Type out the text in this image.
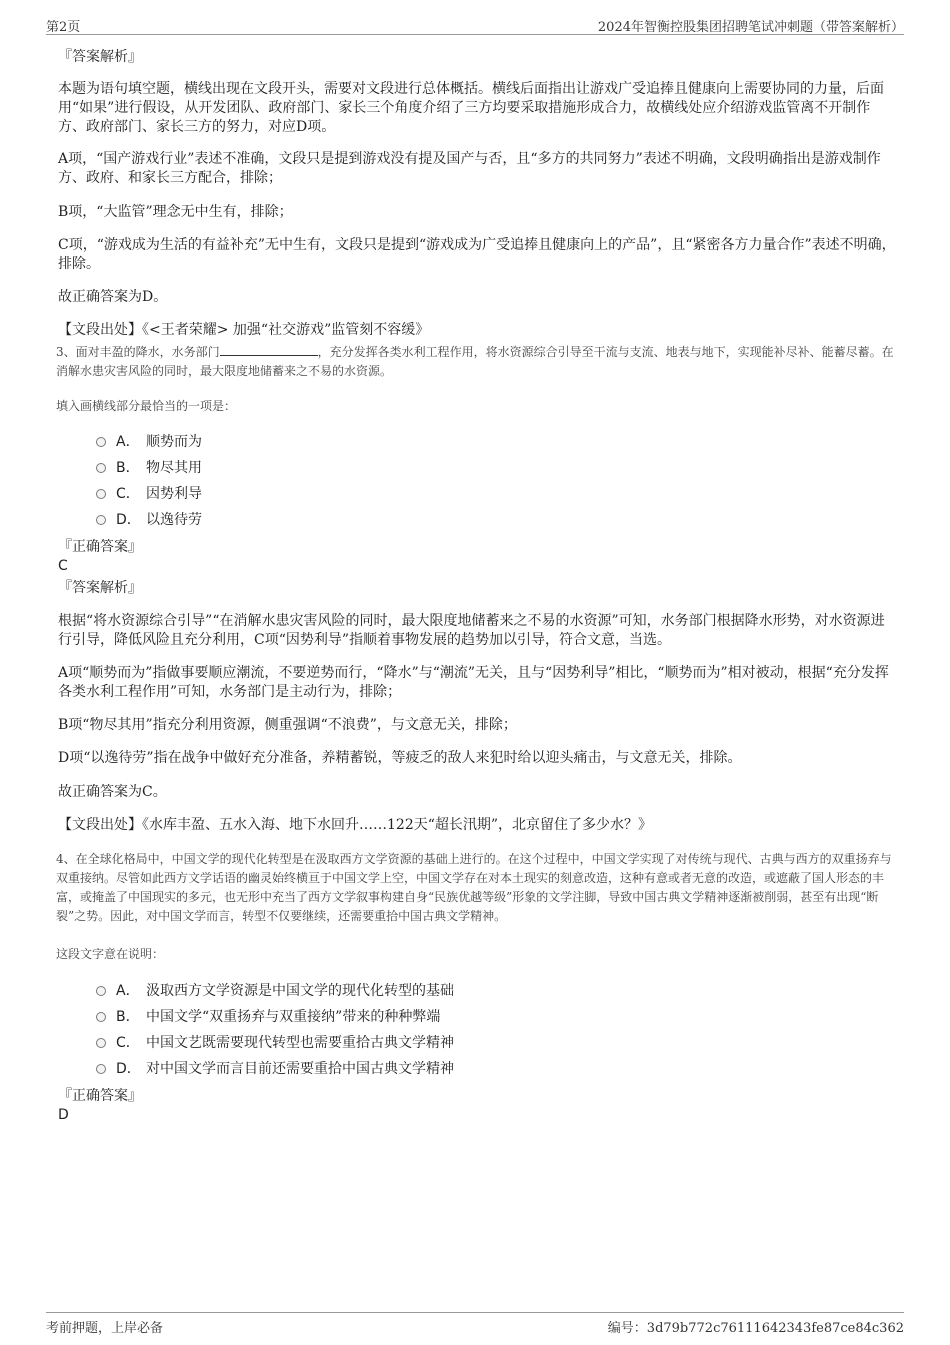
第2页	2024年智衡控股集团招聘笔试冲刺题（带答案解析）
『答案解析』
本题为语句填空题，横线出现在文段开头，需要对文段进行总体概括。横线后面指出让游戏广受追捧且健康向上需要协同的力量，后面用“如果”进行假设，从开发团队、政府部门、家长三个角度介绍了三方均要采取措施形成合力，故横线处应介绍游戏监管离不开制作方、政府部门、家长三方的努力，对应D项。
A项，“国产游戏行业”表述不准确，文段只是提到游戏没有提及国产与否，且“多方的共同努力”表述不明确，文段明确指出是游戏制作方、政府、和家长三方配合，排除；
B项，“大监管”理念无中生有，排除；
C项，“游戏成为生活的有益补充”无中生有，文段只是提到“游戏成为广受追捧且健康向上的产品”，且“紧密各方力量合作”表述不明确，排除。
故正确答案为D。
【文段出处】《<王者荣耀> 加强“社交游戏”监管刻不容缓》
3、面对丰盈的降水，水务部门	，充分发挥各类水利工程作用，将水资源综合引导至干流与支流、地表与地下，实现能补尽补、能蓄尽蓄。在消解水患灾害风险的同时，最大限度地储蓄来之不易的水资源。
填入画横线部分最恰当的一项是：
A． 顺势而为
B． 物尽其用
C． 因势利导
D． 以逸待劳
『正确答案』
C
『答案解析』
根据“将水资源综合引导”“在消解水患灾害风险的同时，最大限度地储蓄来之不易的水资源”可知，水务部门根据降水形势，对水资源进行引导，降低风险且充分利用，C项“因势利导”指顺着事物发展的趋势加以引导，符合文意，当选。
A项“顺势而为”指做事要顺应潮流，不要逆势而行，“降水”与“潮流”无关，且与“因势利导”相比，“顺势而为”相对被动，根据“充分发挥各类水利工程作用”可知，水务部门是主动行为，排除；
B项“物尽其用”指充分利用资源，侧重强调“不浪费”，与文意无关，排除；
D项“以逸待劳”指在战争中做好充分准备，养精蓄锐，等疲乏的敌人来犯时给以迎头痛击，与文意无关，排除。
故正确答案为C。
【文段出处】《水库丰盈、五水入海、地下水回升……122天“超长汛期”，北京留住了多少水？》
4、在全球化格局中，中国文学的现代化转型是在汲取西方文学资源的基础上进行的。在这个过程中，中国文学实现了对传统与现代、古典与西方的双重扬弃与双重接纳。尽管如此西方文学话语的幽灵始终横亘于中国文学上空，中国文学存在对本土现实的刻意改造，这种有意或者无意的改造，或遮蔽了国人形态的丰富，或掩盖了中国现实的多元，也无形中充当了西方文学叙事构建自身“民族优越等级”形象的文学注脚，导致中国古典文学精神逐渐被削弱，甚至有出现“断裂”之势。因此，对中国文学而言，转型不仅要继续，还需要重拾中国古典文学精神。
这段文字意在说明：
A． 汲取西方文学资源是中国文学的现代化转型的基础
B． 中国文学“双重扬弃与双重接纳”带来的种种弊端
C． 中国文艺既需要现代转型也需要重拾古典文学精神
D． 对中国文学而言目前还需要重拾中国古典文学精神
『正确答案』
D
考前押题，上岸必备	编号：3d79b772c76111642343fe87ce84c362
